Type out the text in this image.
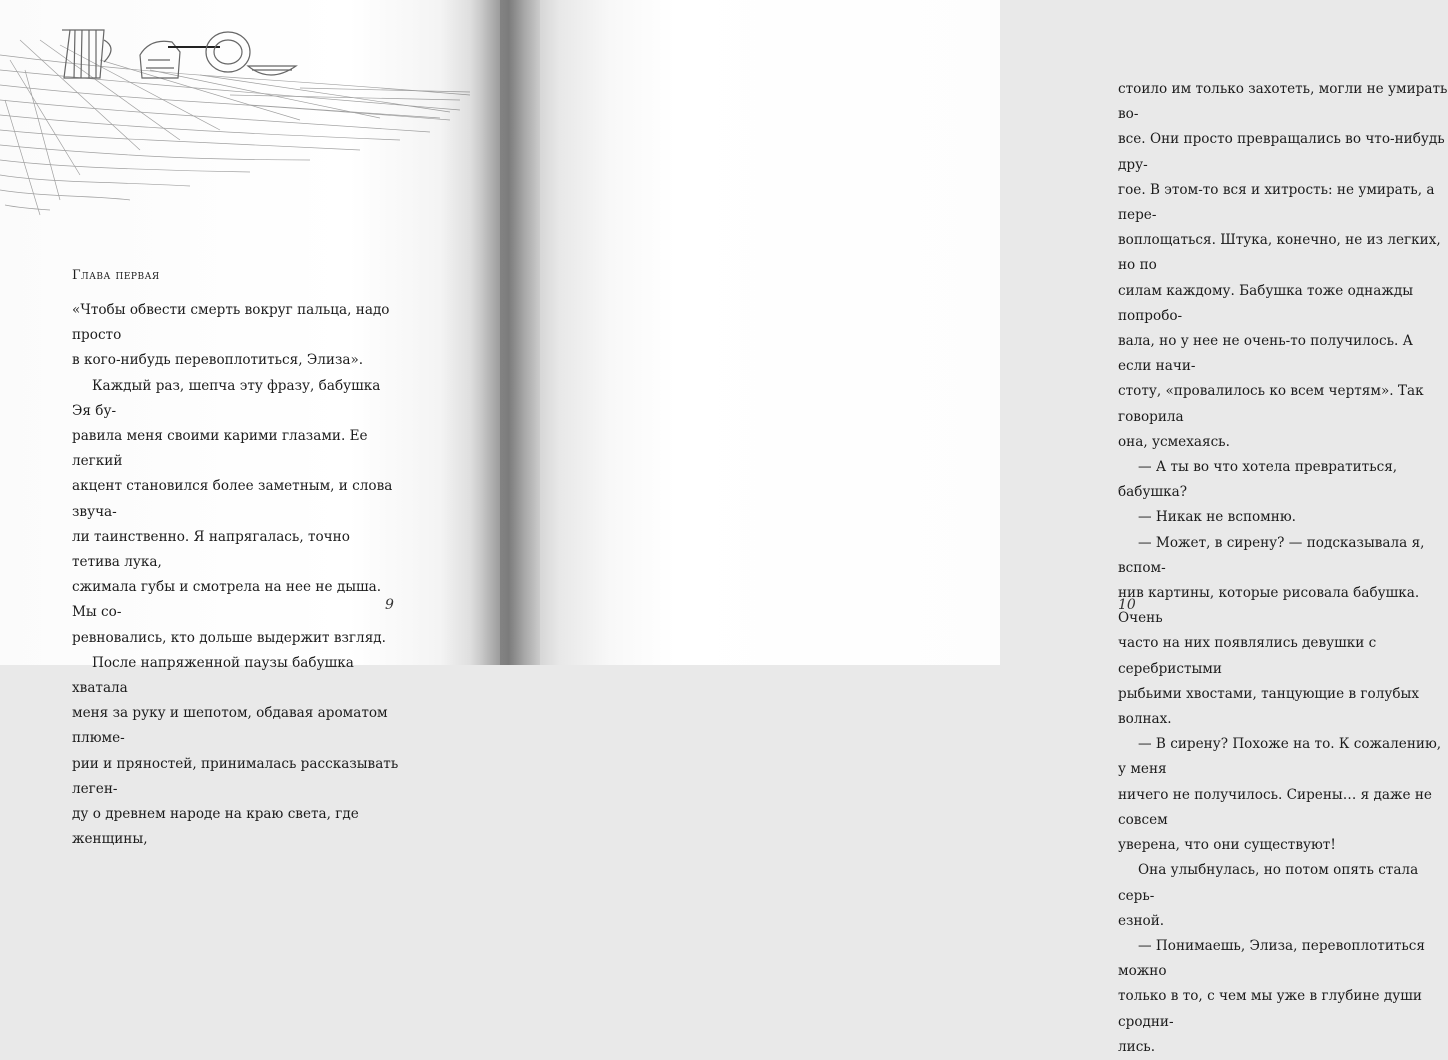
Глава первая

«Чтобы обвести смерть вокруг пальца, надо просто
в кого-нибудь перевоплотиться, Элиза».

Каждый раз, шепча эту фразу, бабушка Эя бу-
равила меня своими карими глазами. Ее легкий
акцент становился более заметным, и слова звуча-
ли таинственно. Я напрягалась, точно тетива лука,
сжимала губы и смотрела на нее не дыша. Мы со-
ревновались, кто дольше выдержит взгляд.

После напряженной паузы бабушка хватала
меня за руку и шепотом, обдавая ароматом плюме-
рии и пряностей, принималась рассказывать леген-
ду о древнем народе на краю света, где женщины,

9

стоило им только захотеть, могли не умирать во-
все. Они просто превращались во что-нибудь дру-
гое. В этом-то вся и хитрость: не умирать, а пере-
воплощаться. Штука, конечно, не из легких, но по
силам каждому. Бабушка тоже однажды попробо-
вала, но у нее не очень-то получилось. А если начи-
стоту, «провалилось ко всем чертям». Так говорила
она, усмехаясь.

— А ты во что хотела превратиться, бабушка?

— Никак не вспомню.

— Может, в сирену? — подсказывала я, вспом-
нив картины, которые рисовала бабушка. Очень
часто на них появлялись девушки с серебристыми
рыбьими хвостами, танцующие в голубых волнах.

— В сирену? Похоже на то. К сожалению, у меня
ничего не получилось. Сирены… я даже не совсем
уверена, что они существуют!

Она улыбнулась, но потом опять стала серь-
езной.

— Понимаешь, Элиза, перевоплотиться можно
только в то, с чем мы уже в глубине души сродни-
лись.

10
